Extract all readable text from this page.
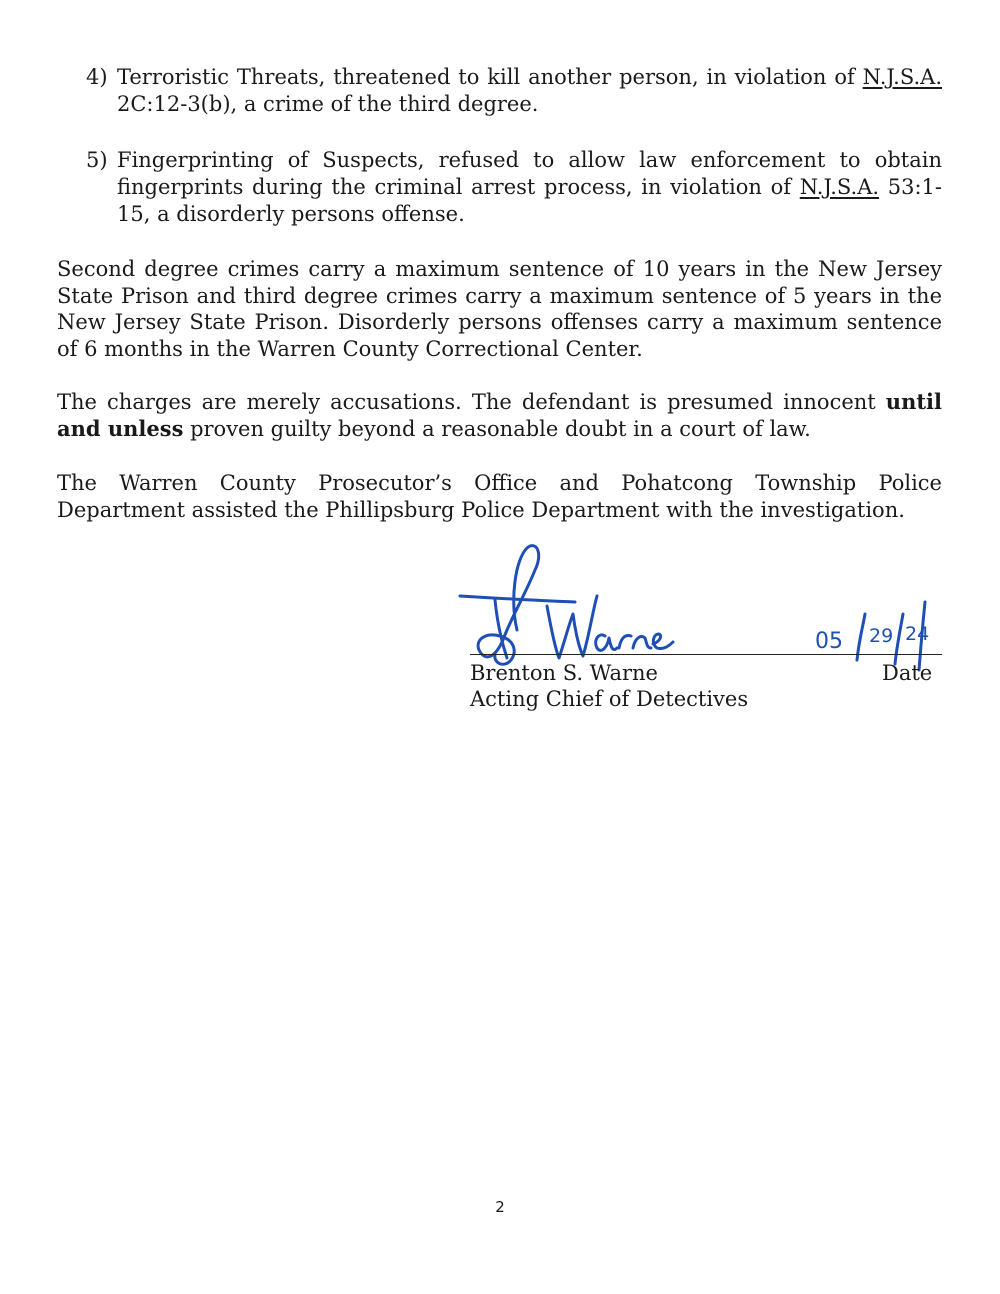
4) Terroristic Threats, threatened to kill another person, in violation of N.J.S.A. 2C:12-3(b), a crime of the third degree.
5) Fingerprinting of Suspects, refused to allow law enforcement to obtain fingerprints during the criminal arrest process, in violation of N.J.S.A. 53:1-15, a disorderly persons offense.
Second degree crimes carry a maximum sentence of 10 years in the New Jersey State Prison and third degree crimes carry a maximum sentence of 5 years in the New Jersey State Prison. Disorderly persons offenses carry a maximum sentence of 6 months in the Warren County Correctional Center.
The charges are merely accusations. The defendant is presumed innocent until and unless proven guilty beyond a reasonable doubt in a court of law.
The Warren County Prosecutor’s Office and Pohatcong Township Police Department assisted the Phillipsburg Police Department with the investigation.
05 29 24
Brenton S. Warne
Acting Chief of Detectives
Date
2
